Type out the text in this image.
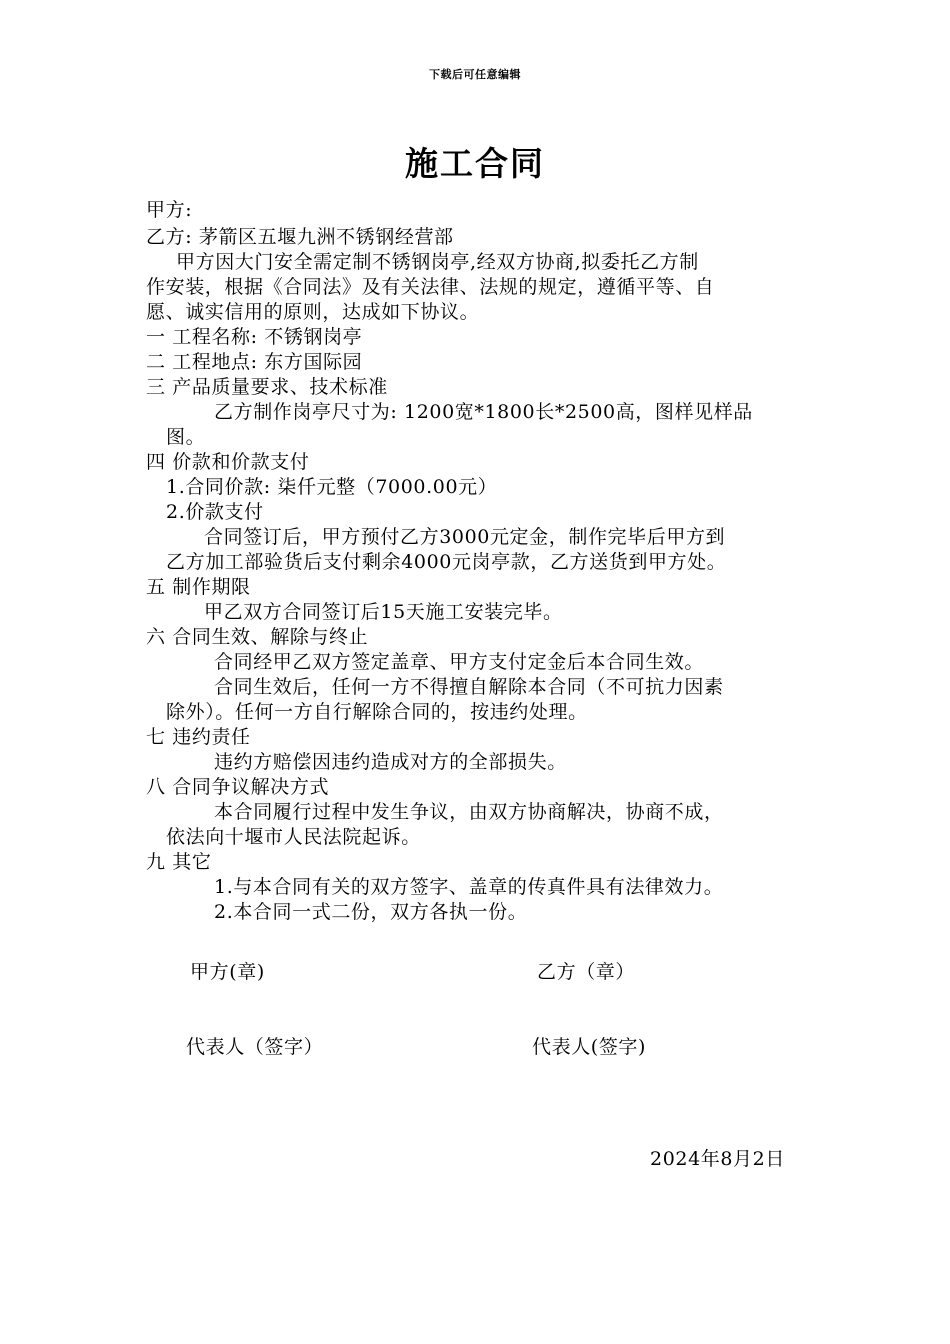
下载后可任意编辑
施工合同
甲方:
乙方: 茅箭区五堰九洲不锈钢经营部
甲方因大门安全需定制不锈钢岗亭,经双方协商,拟委托乙方制
作安装，根据《合同法》及有关法律、法规的规定，遵循平等、自
愿、诚实信用的原则，达成如下协议。
一 工程名称: 不锈钢岗亭
二 工程地点: 东方国际园
三 产品质量要求、技术标准
乙方制作岗亭尺寸为: 1200宽*1800长*2500高，图样见样品
图。
四 价款和价款支付
1.合同价款: 柒仟元整（7000.00元）
2.价款支付
合同签订后，甲方预付乙方3000元定金，制作完毕后甲方到
乙方加工部验货后支付剩余4000元岗亭款，乙方送货到甲方处。
五 制作期限
甲乙双方合同签订后15天施工安装完毕。
六 合同生效、解除与终止
合同经甲乙双方签定盖章、甲方支付定金后本合同生效。
合同生效后，任何一方不得擅自解除本合同（不可抗力因素
除外）。任何一方自行解除合同的，按违约处理。
七 违约责任
违约方赔偿因违约造成对方的全部损失。
八 合同争议解决方式
本合同履行过程中发生争议，由双方协商解决，协商不成，
依法向十堰市人民法院起诉。
九 其它
1.与本合同有关的双方签字、盖章的传真件具有法律效力。
2.本合同一式二份，双方各执一份。
甲方(章)	乙方（章）
代表人（签字）	代表人(签字)
2024年8月2日
